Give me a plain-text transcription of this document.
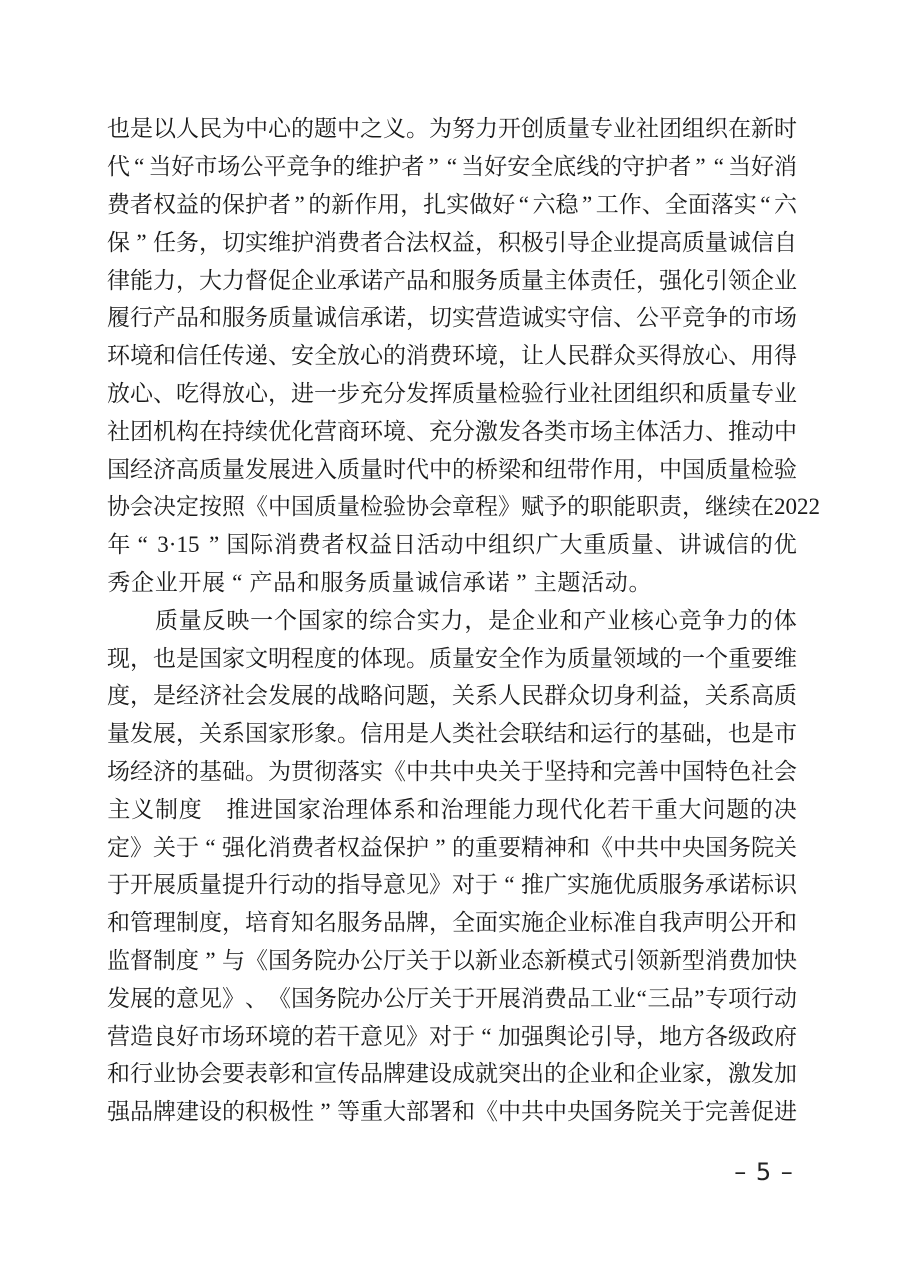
也 是 以 人 民 为 中 心 的 题 中 之 义 。 为 努 力 开 创 质 量 专 业 社 团 组 织 在 新 时
代 “ 当 好 市 场 公 平 竞 争 的 维 护 者 ” “ 当 好 安 全 底 线 的 守 护 者 ” “ 当 好 消
费 者 权 益 的 保 护 者 ” 的 新 作 用 ， 扎 实 做 好 “ 六 稳 ” 工 作 、 全 面 落 实 “ 六
保 ” 任 务 ， 切 实 维 护 消 费 者 合 法 权 益 ， 积 极 引 导 企 业 提 高 质 量 诚 信 自
律 能 力 ， 大 力 督 促 企 业 承 诺 产 品 和 服 务 质 量 主 体 责 任 ， 强 化 引 领 企 业
履 行 产 品 和 服 务 质 量 诚 信 承 诺 ， 切 实 营 造 诚 实 守 信 、 公 平 竞 争 的 市 场
环 境 和 信 任 传 递 、 安 全 放 心 的 消 费 环 境 ， 让 人 民 群 众 买 得 放 心 、 用 得
放 心 、 吃 得 放 心 ， 进 一 步 充 分 发 挥 质 量 检 验 行 业 社 团 组 织 和 质 量 专 业
社 团 机 构 在 持 续 优 化 营 商 环 境 、 充 分 激 发 各 类 市 场 主 体 活 力 、 推 动 中
国 经 济 高 质 量 发 展 进 入 质 量 时 代 中 的 桥 梁 和 纽 带 作 用 ， 中 国 质 量 检 验
协 会 决 定 按 照 《 中 国 质 量 检 验 协 会 章 程 》 赋 予 的 职 能 职 责 ， 继 续 在 2022
年 “ 3·15 ” 国 际 消 费 者 权 益 日 活 动 中 组 织 广 大 重 质 量 、 讲 诚 信 的 优
秀 企 业 开 展 “ 产 品 和 服 务 质 量 诚 信 承 诺 ” 主 题 活 动 。

质 量 反 映 一 个 国 家 的 综 合 实 力 ， 是 企 业 和 产 业 核 心 竞 争 力 的 体
现 ， 也 是 国 家 文 明 程 度 的 体 现 。 质 量 安 全 作 为 质 量 领 域 的 一 个 重 要 维
度 ， 是 经 济 社 会 发 展 的 战 略 问 题 ， 关 系 人 民 群 众 切 身 利 益 ， 关 系 高 质
量 发 展 ， 关 系 国 家 形 象 。 信 用 是 人 类 社 会 联 结 和 运 行 的 基 础 ， 也 是 市
场 经 济 的 基 础 。 为 贯 彻 落 实 《 中 共 中 央 关 于 坚 持 和 完 善 中 国 特 色 社 会
主 义 制 度
推 进 国 家 治 理 体 系 和 治 理 能 力 现 代 化 若 干 重 大 问 题 的 决
定 》 关 于 “ 强 化 消 费 者 权 益 保 护 ” 的 重 要 精 神 和 《 中 共 中 央 国 务 院 关
于 开 展 质 量 提 升 行 动 的 指 导 意 见 》 对 于 “ 推 广 实 施 优 质 服 务 承 诺 标 识
和 管 理 制 度 ， 培 育 知 名 服 务 品 牌 ， 全 面 实 施 企 业 标 准 自 我 声 明 公 开 和
监 督 制 度 ” 与 《 国 务 院 办 公 厅 关 于 以 新 业 态 新 模 式 引 领 新 型 消 费 加 快
发 展 的 意 见 》 、 《 国 务 院 办 公 厅 关 于 开 展 消 费 品 工 业 “ 三 品 ” 专 项 行 动
营 造 良 好 市 场 环 境 的 若 干 意 见 》 对 于 “ 加 强 舆 论 引 导 ， 地 方 各 级 政 府
和 行 业 协 会 要 表 彰 和 宣 传 品 牌 建 设 成 就 突 出 的 企 业 和 企 业 家 ， 激 发 加
强 品 牌 建 设 的 积 极 性 ” 等 重 大 部 署 和 《 中 共 中 央 国 务 院 关 于 完 善 促 进
– 5 –
